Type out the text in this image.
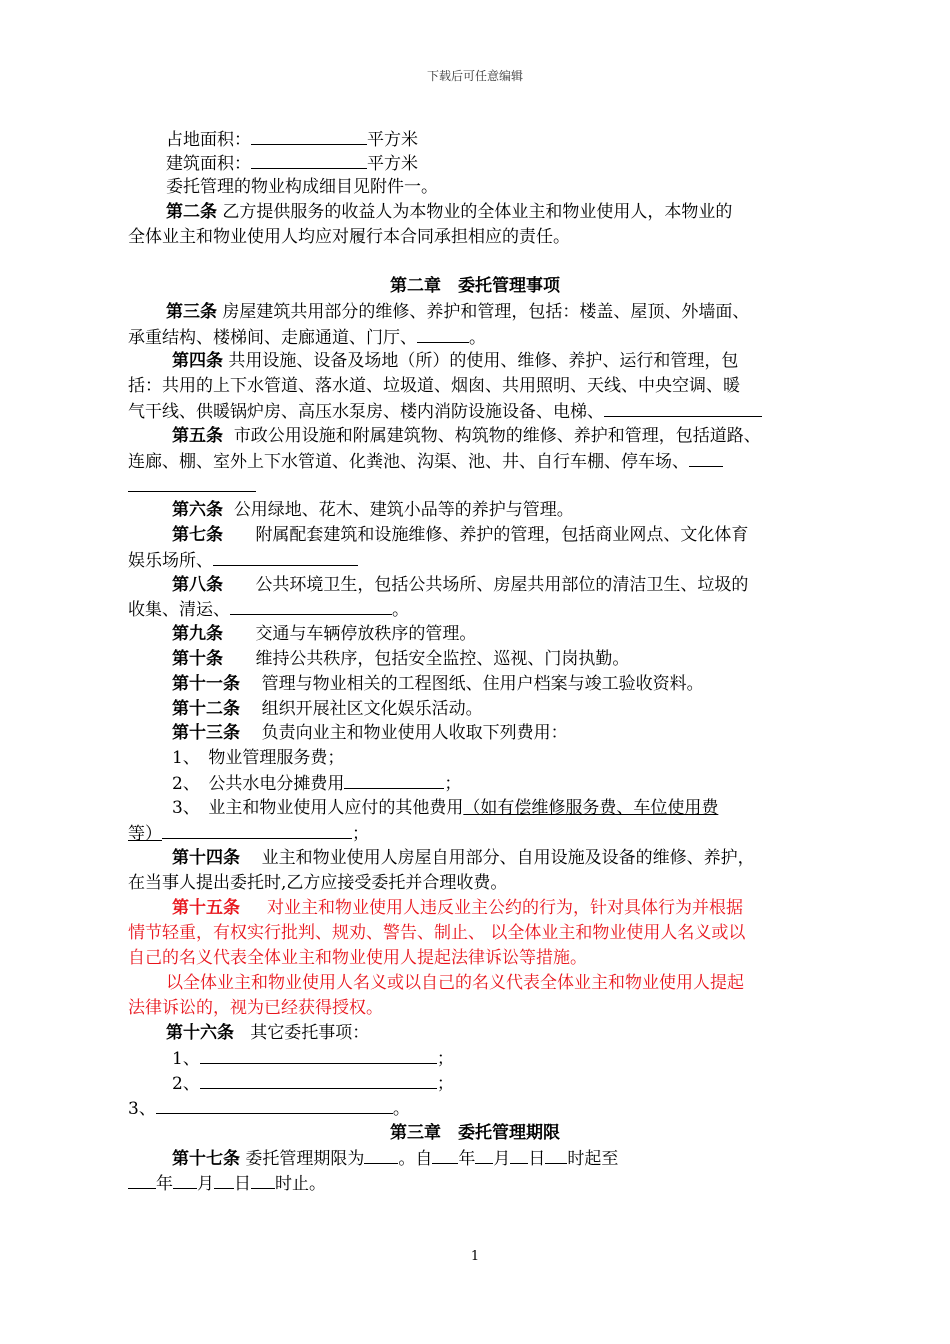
下载后可任意编辑
占地面积：	平方米
建筑面积：	平方米
委托管理的物业构成细目见附件一。
第二条 乙方提供服务的收益人为本物业的全体业主和物业使用人，本物业的
全体业主和物业使用人均应对履行本合同承担相应的责任。
第二章　委托管理事项
第三条 房屋建筑共用部分的维修、养护和管理，包括：楼盖、屋顶、外墙面、
承重结构、楼梯间、走廊通道、门厅、	。
第四条 共用设施、设备及场地（所）的使用、维修、养护、运行和管理，包
括：共用的上下水管道、落水道、垃圾道、烟囱、共用照明、天线、中央空调、暖
气干线、供暖锅炉房、高压水泵房、楼内消防设施设备、电梯、
第五条 市政公用设施和附属建筑物、构筑物的维修、养护和管理，包括道路、
连廊、棚、室外上下水管道、化粪池、沟渠、池、井、自行车棚、停车场、
第六条 公用绿地、花木、建筑小品等的养护与管理。
第七条 附属配套建筑和设施维修、养护的管理，包括商业网点、文化体育
娱乐场所、
第八条 公共环境卫生，包括公共场所、房屋共用部位的清洁卫生、垃圾的
收集、清运、	。
第九条 交通与车辆停放秩序的管理。
第十条 维持公共秩序，包括安全监控、巡视、门岗执勤。
第十一条 管理与物业相关的工程图纸、住用户档案与竣工验收资料。
第十二条 组织开展社区文化娱乐活动。
第十三条 负责向业主和物业使用人收取下列费用：
1、　物业管理服务费；
2、　公共水电分摊费用	；
3、　业主和物业使用人应付的其他费用（如有偿维修服务费、车位使用费
等）	；
第十四条 业主和物业使用人房屋自用部分、自用设施及设备的维修、养护，
在当事人提出委托时,乙方应接受委托并合理收费。
第十五条 对业主和物业使用人违反业主公约的行为，针对具体行为并根据
情节轻重，有权实行批判、规劝、警告、制止、 以全体业主和物业使用人名义或以
自己的名义代表全体业主和物业使用人提起法律诉讼等措施。
以全体业主和物业使用人名义或以自己的名义代表全体业主和物业使用人提起
法律诉讼的，视为已经获得授权。
第十六条 其它委托事项：
1、	；
2、	；
3、	。
第三章　委托管理期限
第十七条 委托管理期限为 。自 年 月 日 时起至
年 月 日 时止。
1
